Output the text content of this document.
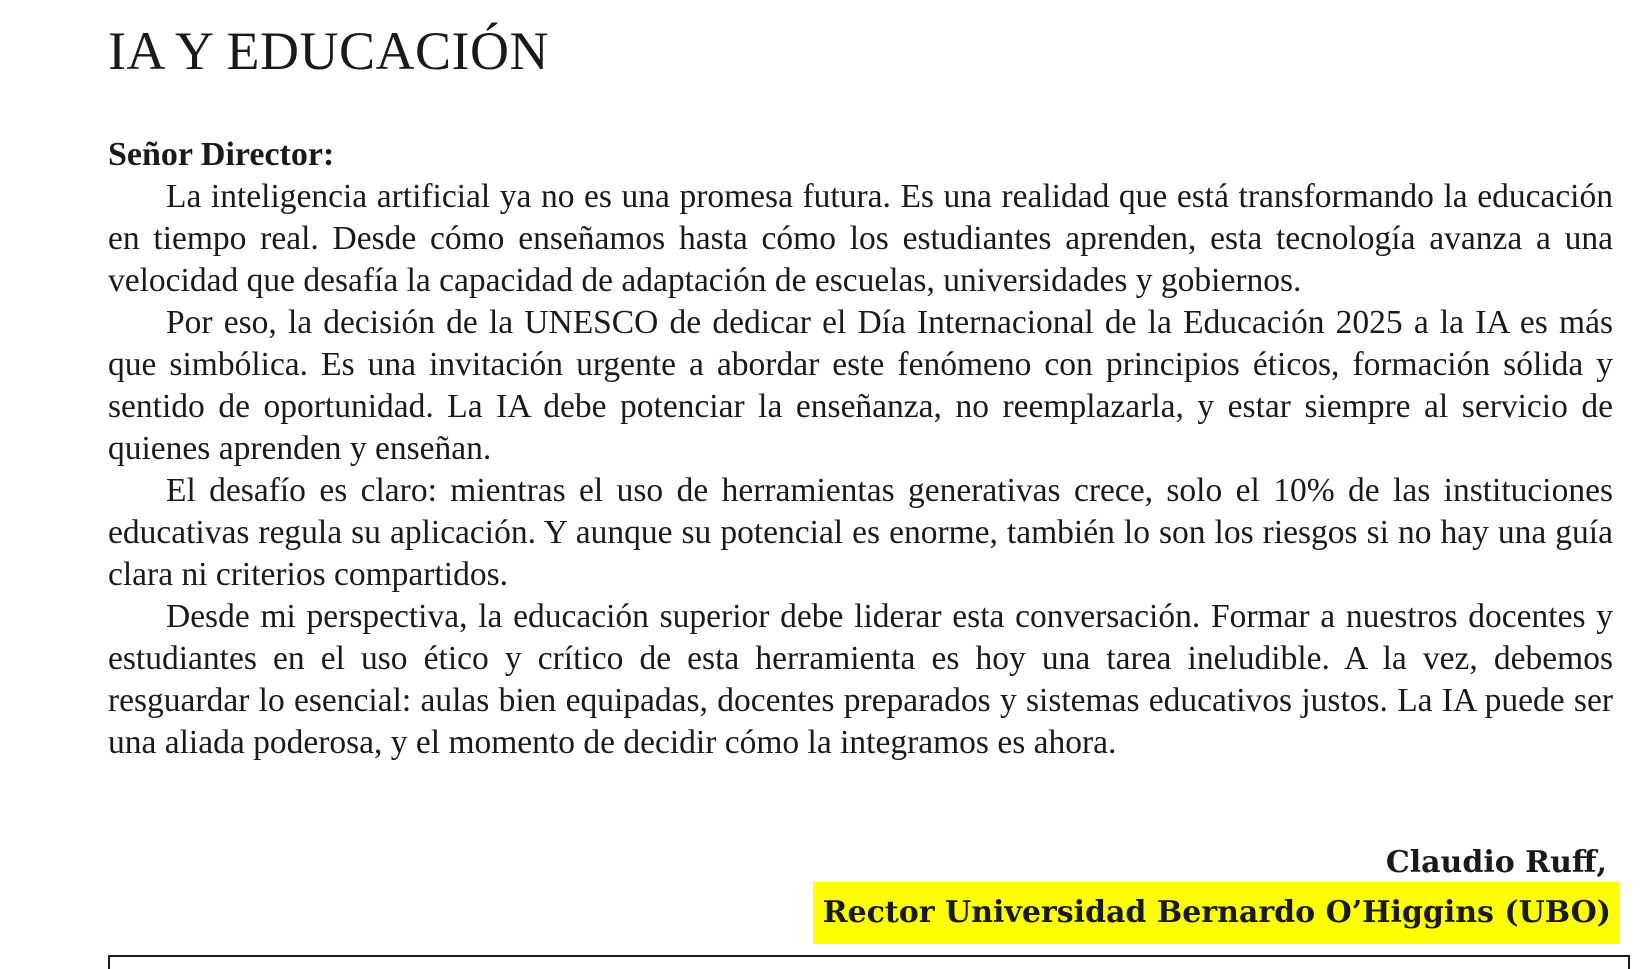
IA Y EDUCACIÓN
Señor Director:

La inteligencia artificial ya no es una promesa futura. Es una realidad que está transformando la educación en tiempo real. Desde cómo enseñamos hasta cómo los estudiantes aprenden, esta tecnología avanza a una velocidad que desafía la capacidad de adaptación de escuelas, universidades y gobiernos.

Por eso, la decisión de la UNESCO de dedicar el Día Internacional de la Educación 2025 a la IA es más que simbólica. Es una invitación urgente a abordar este fenómeno con principios éticos, formación sólida y sentido de oportunidad. La IA debe potenciar la enseñanza, no reemplazarla, y estar siempre al servicio de quienes aprenden y enseñan.

El desafío es claro: mientras el uso de herramientas generativas crece, solo el 10% de las instituciones educativas regula su aplicación. Y aunque su potencial es enorme, también lo son los riesgos si no hay una guía clara ni criterios compartidos.

Desde mi perspectiva, la educación superior debe liderar esta conversación. Formar a nuestros docentes y estudiantes en el uso ético y crítico de esta herramienta es hoy una tarea ineludible. A la vez, debemos resguardar lo esencial: aulas bien equipadas, docentes preparados y sistemas educativos justos. La IA puede ser una aliada poderosa, y el momento de decidir cómo la integramos es ahora.

Claudio Ruff,
Rector Universidad Bernardo O’Higgins (UBO)
